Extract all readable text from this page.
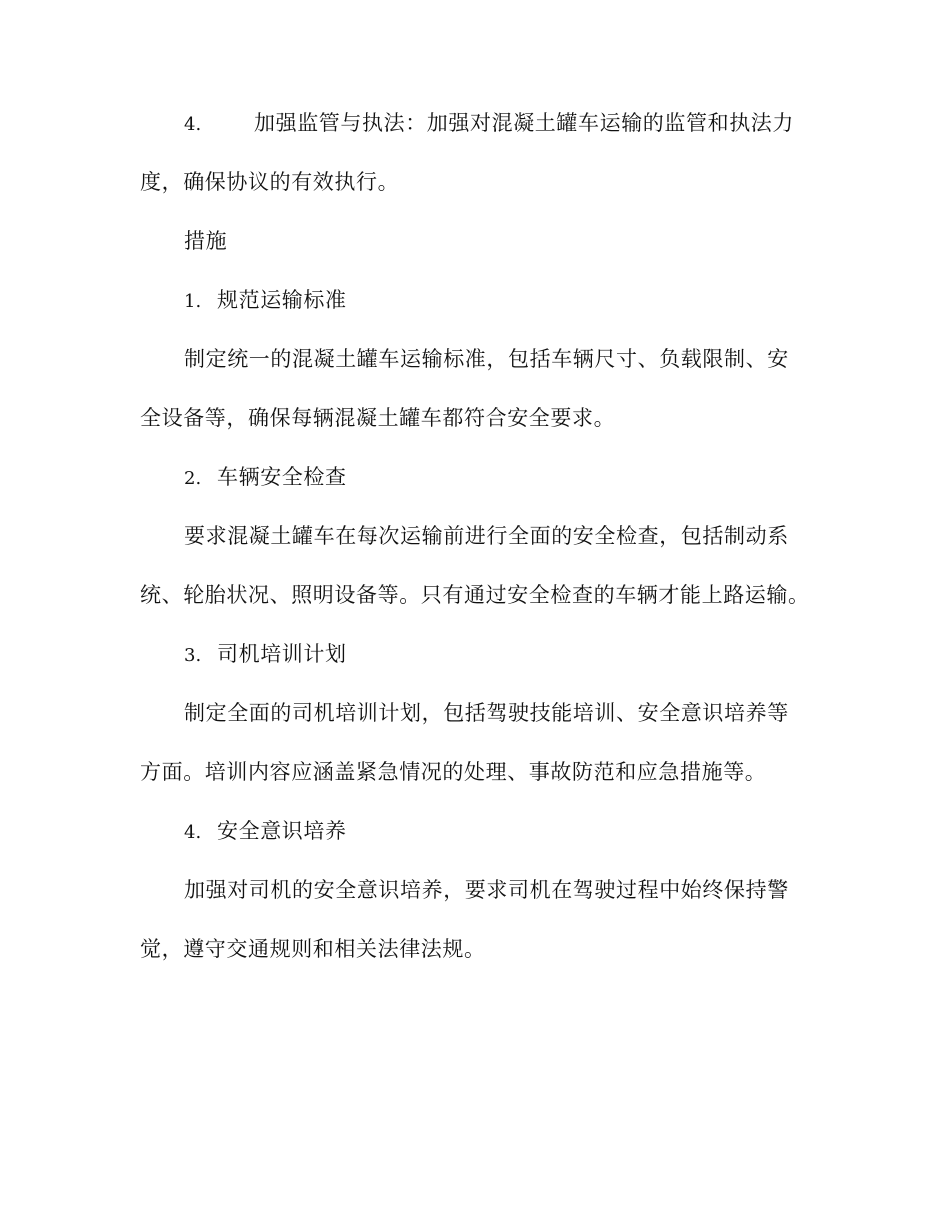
4.	加强监管与执法：加强对混凝土罐车运输的监管和执法力
度，确保协议的有效执行。
措施
1. 规范运输标准
制定统一的混凝土罐车运输标准，包括车辆尺寸、负载限制、安
全设备等，确保每辆混凝土罐车都符合安全要求。
2. 车辆安全检查
要求混凝土罐车在每次运输前进行全面的安全检查，包括制动系
统、轮胎状况、照明设备等。只有通过安全检查的车辆才能上路运输。
3. 司机培训计划
制定全面的司机培训计划，包括驾驶技能培训、安全意识培养等
方面。培训内容应涵盖紧急情况的处理、事故防范和应急措施等。
4. 安全意识培养
加强对司机的安全意识培养，要求司机在驾驶过程中始终保持警
觉，遵守交通规则和相关法律法规。
